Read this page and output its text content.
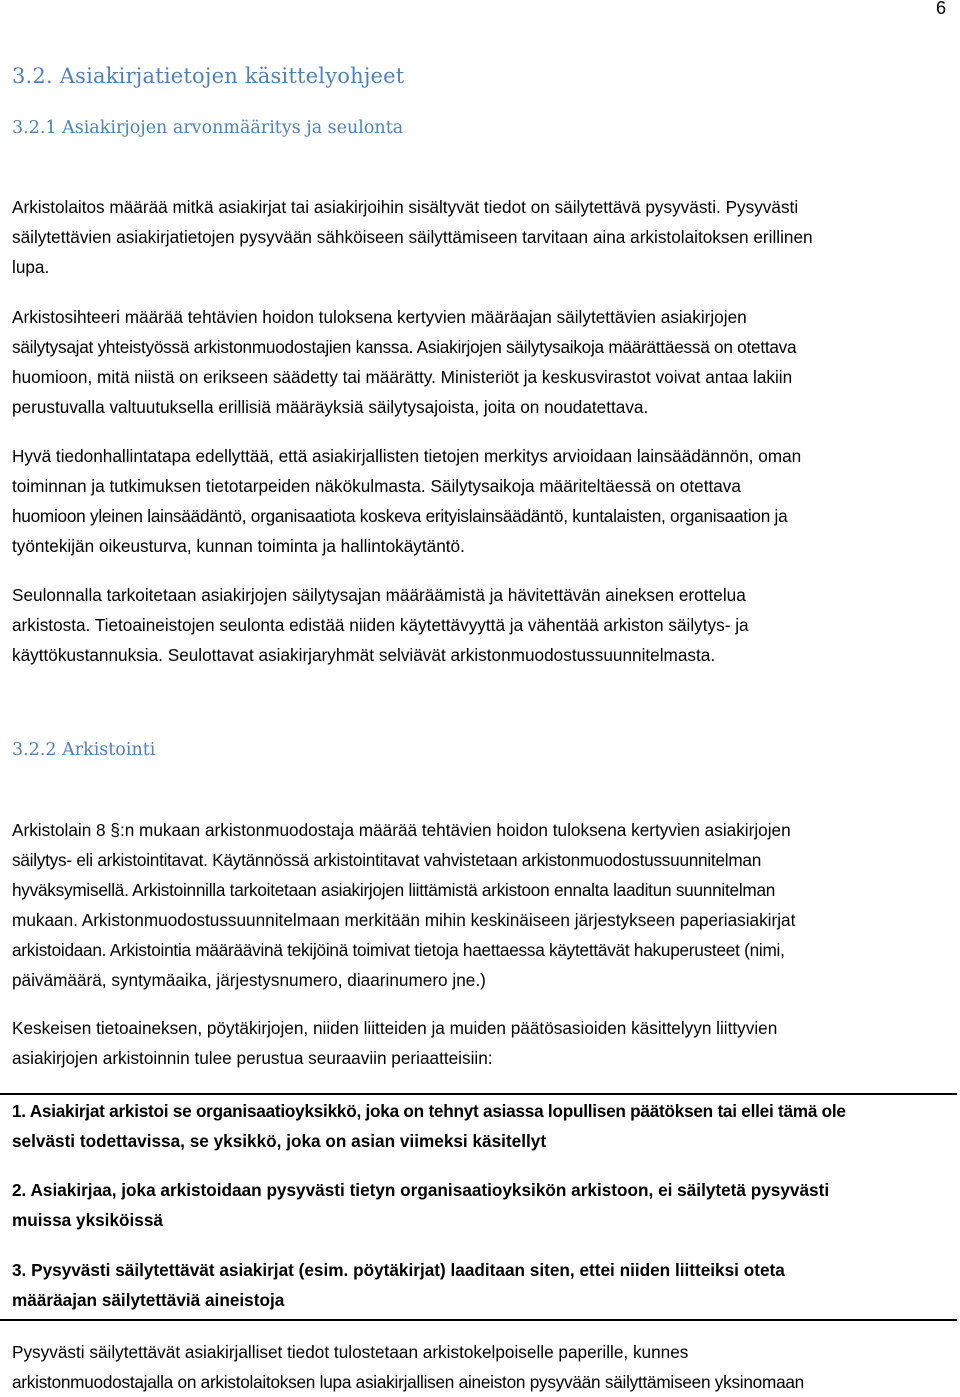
6
3.2. Asiakirjatietojen käsittelyohjeet
3.2.1 Asiakirjojen arvonmääritys ja seulonta
Arkistolaitos määrää mitkä asiakirjat tai asiakirjoihin sisältyvät tiedot on säilytettävä pysyvästi. Pysyvästi
säilytettävien asiakirjatietojen pysyvään sähköiseen säilyttämiseen tarvitaan aina arkistolaitoksen erillinen
lupa.
Arkistosihteeri määrää tehtävien hoidon tuloksena kertyvien määräajan säilytettävien asiakirjojen
säilytysajat yhteistyössä arkistonmuodostajien kanssa. Asiakirjojen säilytysaikoja määrättäessä on otettava
huomioon, mitä niistä on erikseen säädetty tai määrätty. Ministeriöt ja keskusvirastot voivat antaa lakiin
perustuvalla valtuutuksella erillisiä määräyksiä säilytysajoista, joita on noudatettava.
Hyvä tiedonhallintatapa edellyttää, että asiakirjallisten tietojen merkitys arvioidaan lainsäädännön, oman
toiminnan ja tutkimuksen tietotarpeiden näkökulmasta. Säilytysaikoja määriteltäessä on otettava
huomioon yleinen lainsäädäntö, organisaatiota koskeva erityislainsäädäntö, kuntalaisten, organisaation ja
työntekijän oikeusturva, kunnan toiminta ja hallintokäytäntö.
Seulonnalla tarkoitetaan asiakirjojen säilytysajan määräämistä ja hävitettävän aineksen erottelua
arkistosta. Tietoaineistojen seulonta edistää niiden käytettävyyttä ja vähentää arkiston säilytys- ja
käyttökustannuksia. Seulottavat asiakirjaryhmät selviävät arkistonmuodostussuunnitelmasta.
3.2.2 Arkistointi
Arkistolain 8 §:n mukaan arkistonmuodostaja määrää tehtävien hoidon tuloksena kertyvien asiakirjojen
säilytys- eli arkistointitavat. Käytännössä arkistointitavat vahvistetaan arkistonmuodostussuunnitelman
hyväksymisellä. Arkistoinnilla tarkoitetaan asiakirjojen liittämistä arkistoon ennalta laaditun suunnitelman
mukaan. Arkistonmuodostussuunnitelmaan merkitään mihin keskinäiseen järjestykseen paperiasiakirjat
arkistoidaan. Arkistointia määräävinä tekijöinä toimivat tietoja haettaessa käytettävät hakuperusteet (nimi,
päivämäärä, syntymäaika, järjestysnumero, diaarinumero jne.)
Keskeisen tietoaineksen, pöytäkirjojen, niiden liitteiden ja muiden päätösasioiden käsittelyyn liittyvien
asiakirjojen arkistoinnin tulee perustua seuraaviin periaatteisiin:
1. Asiakirjat arkistoi se organisaatioyksikkö, joka on tehnyt asiassa lopullisen päätöksen tai ellei tämä ole
selvästi todettavissa, se yksikkö, joka on asian viimeksi käsitellyt
2. Asiakirjaa, joka arkistoidaan pysyvästi tietyn organisaatioyksikön arkistoon, ei säilytetä pysyvästi
muissa yksiköissä
3. Pysyvästi säilytettävät asiakirjat (esim. pöytäkirjat) laaditaan siten, ettei niiden liitteiksi oteta
määräajan säilytettäviä aineistoja
Pysyvästi säilytettävät asiakirjalliset tiedot tulostetaan arkistokelpoiselle paperille, kunnes
arkistonmuodostajalla on arkistolaitoksen lupa asiakirjallisen aineiston pysyvään säilyttämiseen yksinomaan
